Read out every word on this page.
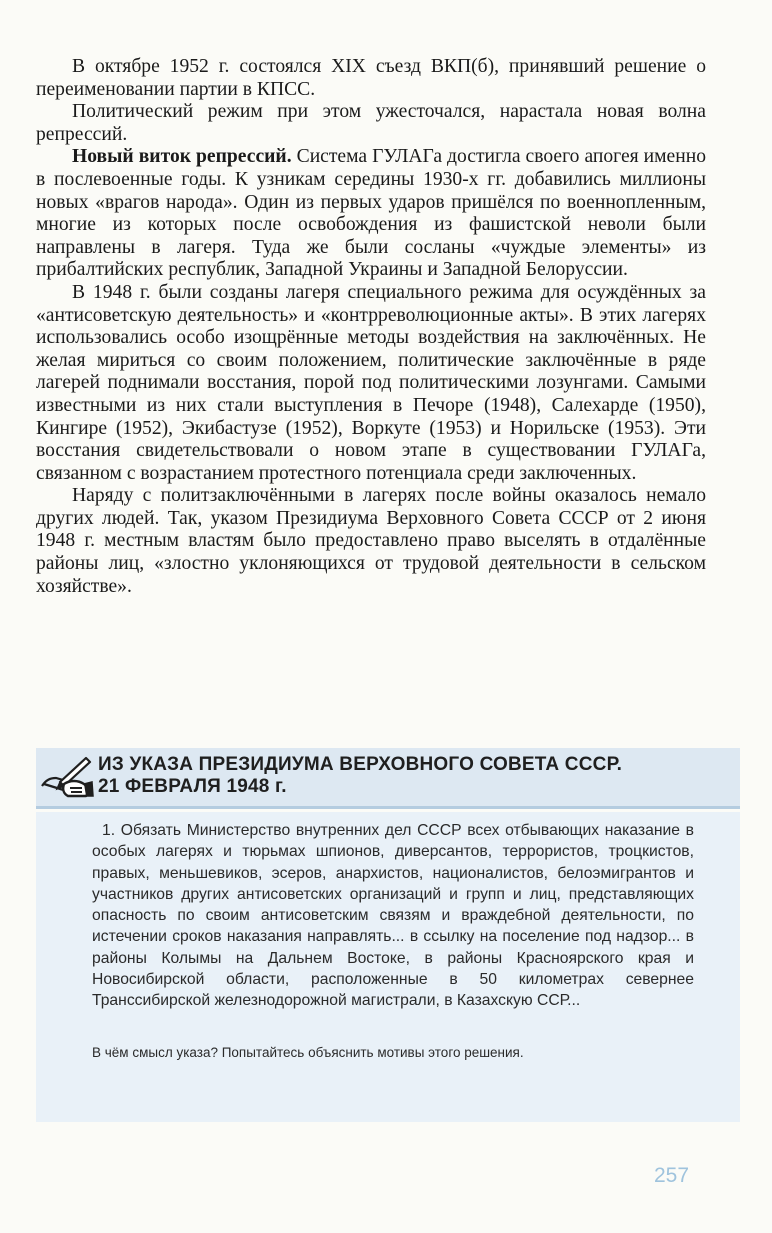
В октябре 1952 г. состоялся XIX съезд ВКП(б), принявший решение о переименовании партии в КПСС.

Политический режим при этом ужесточался, нарастала новая волна репрессий.

Новый виток репрессий. Система ГУЛАГа достигла своего апогея именно в послевоенные годы. К узникам середины 1930-х гг. добавились миллионы новых «врагов народа». Один из первых ударов пришёлся по военнопленным, многие из которых после освобождения из фашистской неволи были направлены в лагеря. Туда же были сосланы «чуждые элементы» из прибалтийских республик, Западной Украины и Западной Белоруссии.

В 1948 г. были созданы лагеря специального режима для осуждённых за «антисоветскую деятельность» и «контрреволюционные акты». В этих лагерях использовались особо изощрённые методы воздействия на заключённых. Не желая мириться со своим положением, политические заключённые в ряде лагерей поднимали восстания, порой под политическими лозунгами. Самыми известными из них стали выступления в Печоре (1948), Салехарде (1950), Кингире (1952), Экибастузе (1952), Воркуте (1953) и Норильске (1953). Эти восстания свидетельствовали о новом этапе в существовании ГУЛАГа, связанном с возрастанием протестного потенциала среди заключенных.

Наряду с политзаключёнными в лагерях после войны оказалось немало других людей. Так, указом Президиума Верховного Совета СССР от 2 июня 1948 г. местным властям было предоставлено право выселять в отдалённые районы лиц, «злостно уклоняющихся от трудовой деятельности в сельском хозяйстве».

ИЗ УКАЗА ПРЕЗИДИУМА ВЕРХОВНОГО СОВЕТА СССР.
21 ФЕВРАЛЯ 1948 г.

1. Обязать Министерство внутренних дел СССР всех отбывающих наказание в особых лагерях и тюрьмах шпионов, диверсантов, террористов, троцкистов, правых, меньшевиков, эсеров, анархистов, националистов, белоэмигрантов и участников других антисоветских организаций и групп и лиц, представляющих опасность по своим антисоветским связям и враждебной деятельности, по истечении сроков наказания направлять... в ссылку на поселение под надзор... в районы Колымы на Дальнем Востоке, в районы Красноярского края и Новосибирской области, расположенные в 50 километрах севернее Транссибирской железнодорожной магистрали, в Казахскую ССР...

В чём смысл указа? Попытайтесь объяснить мотивы этого решения.
257
